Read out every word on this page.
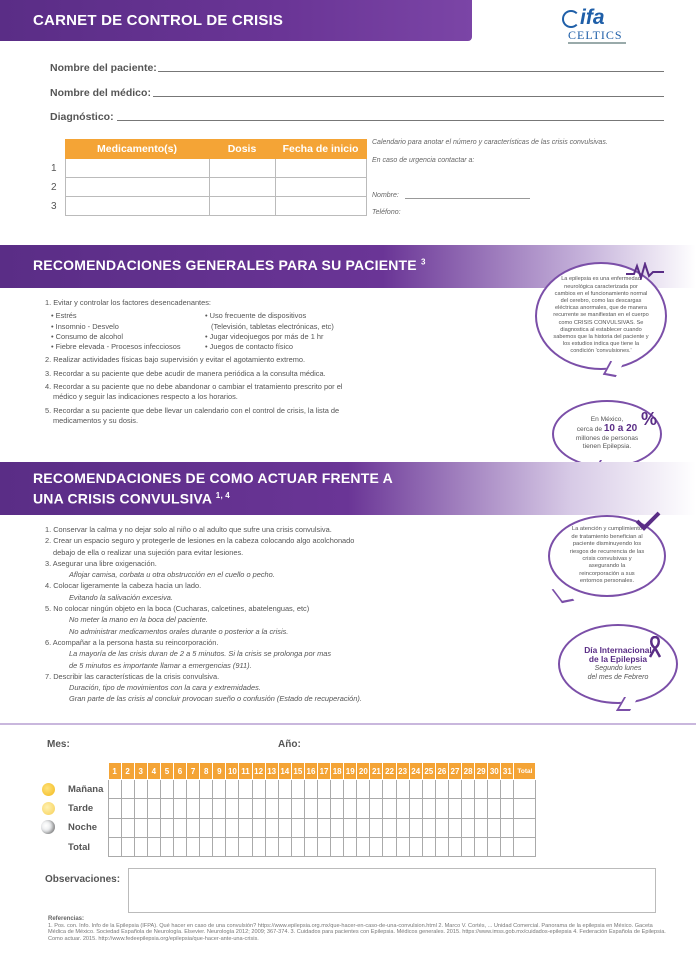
CARNET DE CONTROL DE CRISIS	ifa
CELTICS
Nombre del paciente:
Nombre del médico:
Diagnóstico:
	Medicamento(s)	Dosis	Fecha de inicio
1			
2			
3			
Calendario para anotar el número y características de las crisis convulsivas.
En caso de urgencia contactar a:
Nombre:
Teléfono:
RECOMENDACIONES GENERALES PARA SU PACIENTE $^3$
1. Evitar y controlar los factores desencadenantes:
• Estrés
• Insomnio - Desvelo
• Consumo de alcohol
• Fiebre elevada - Procesos infecciosos
• Uso frecuente de dispositivos
(Televisión, tabletas electrónicas, etc)
• Jugar videojuegos por más de 1 hr
• Juegos de contacto físico
2. Realizar actividades físicas bajo supervisión y evitar el agotamiento extremo.
3. Recordar a su paciente que debe acudir de manera periódica a la consulta médica.
4. Recordar a su paciente que no debe abandonar o cambiar el tratamiento prescrito por el
médico y seguir las indicaciones respecto a los horarios.
5. Recordar a su paciente que debe llevar un calendario con el control de crisis, la lista de
medicamentos y su dosis.
La epilepsia es una enfermedad neurológica caracterizada por cambios en el funcionamiento normal del cerebro, como las descargas eléctricas anormales, que de manera recurrente se manifiestan en el cuerpo como CRISIS CONVULSIVAS. Se diagnostica al establecer cuando sabemos que la historia del paciente y los estudios indica que tiene la condición 'convulsiones.'
En México,
cerca de 10 a 20 millones de personas
tienen Epilepsia.
%
RECOMENDACIONES DE COMO ACTUAR FRENTE A
UNA CRISIS CONVULSIVA $^{1, 4}$
1. Conservar la calma y no dejar solo al niño o al adulto que sufre una crisis convulsiva.
2. Crear un espacio seguro y protegerle de lesiones en la cabeza colocando algo acolchonado
debajo de ella o realizar una sujeción para evitar lesiones.
3. Asegurar una libre oxigenación.
Aflojar camisa, corbata u otra obstrucción en el cuello o pecho.
4. Colocar ligeramente la cabeza hacia un lado.
Evitando la salivación excesiva.
5. No colocar ningún objeto en la boca (Cucharas, calcetines, abatelenguas, etc)
No meter la mano en la boca del paciente.
No administrar medicamentos orales durante o posterior a la crisis.
6. Acompañar a la persona hasta su reincorporación.
La mayoría de las crisis duran de 2 a 5 minutos. Si la crisis se prolonga por mas
de 5 minutos es importante llamar a emergencias (911).
7. Describir las características de la crisis convulsiva.
Duración, tipo de movimientos con la cara y extremidades.
Gran parte de las crisis al concluir provocan sueño o confusión (Estado de recuperación).
La atención y cumplimiento de tratamiento benefician al paciente disminuyendo los riesgos de recurrencia de las crisis convulsivas y asegurando la reincorporación a sus entornos personales.
Día Internacional
de la Epilepsia
Segundo lunes
del mes de Febrero
Mes:	Año:
	1	2	3	4	5	6	7	8	9	10	11	12	13	14	15	16	17	18	19	20	21	22	23	24	25	26	27	28	29	30	31	Total

Mañana																																

Tarde																																

Noche																																
Total																																
Observaciones:
Referencias:
1. Pos. con. Info. Info de la Epilepsia (IFPA). Qué hacer en caso de una convulsión? https://www.epilepsia.org.mx/que-hacer-en-caso-de-una-convulsion.html 2. Marco V. Cortés, ... Unidad Comercial. Panorama de la epilepsia en México. Gaceta Médica de México. Sociedad Española de Neurología. Elsevier. Neurología 2012; 2009; 367-374. 3. Cuidados para pacientes con Epilepsia. Médicos generales. 2015. https://www.imss.gob.mx/cuidados-epilepsia 4. Federación Española de Epilepsia. Como actuar. 2015. http://www.fedeepilepsia.org/epilepsia/que-hacer-ante-una-crisis.
